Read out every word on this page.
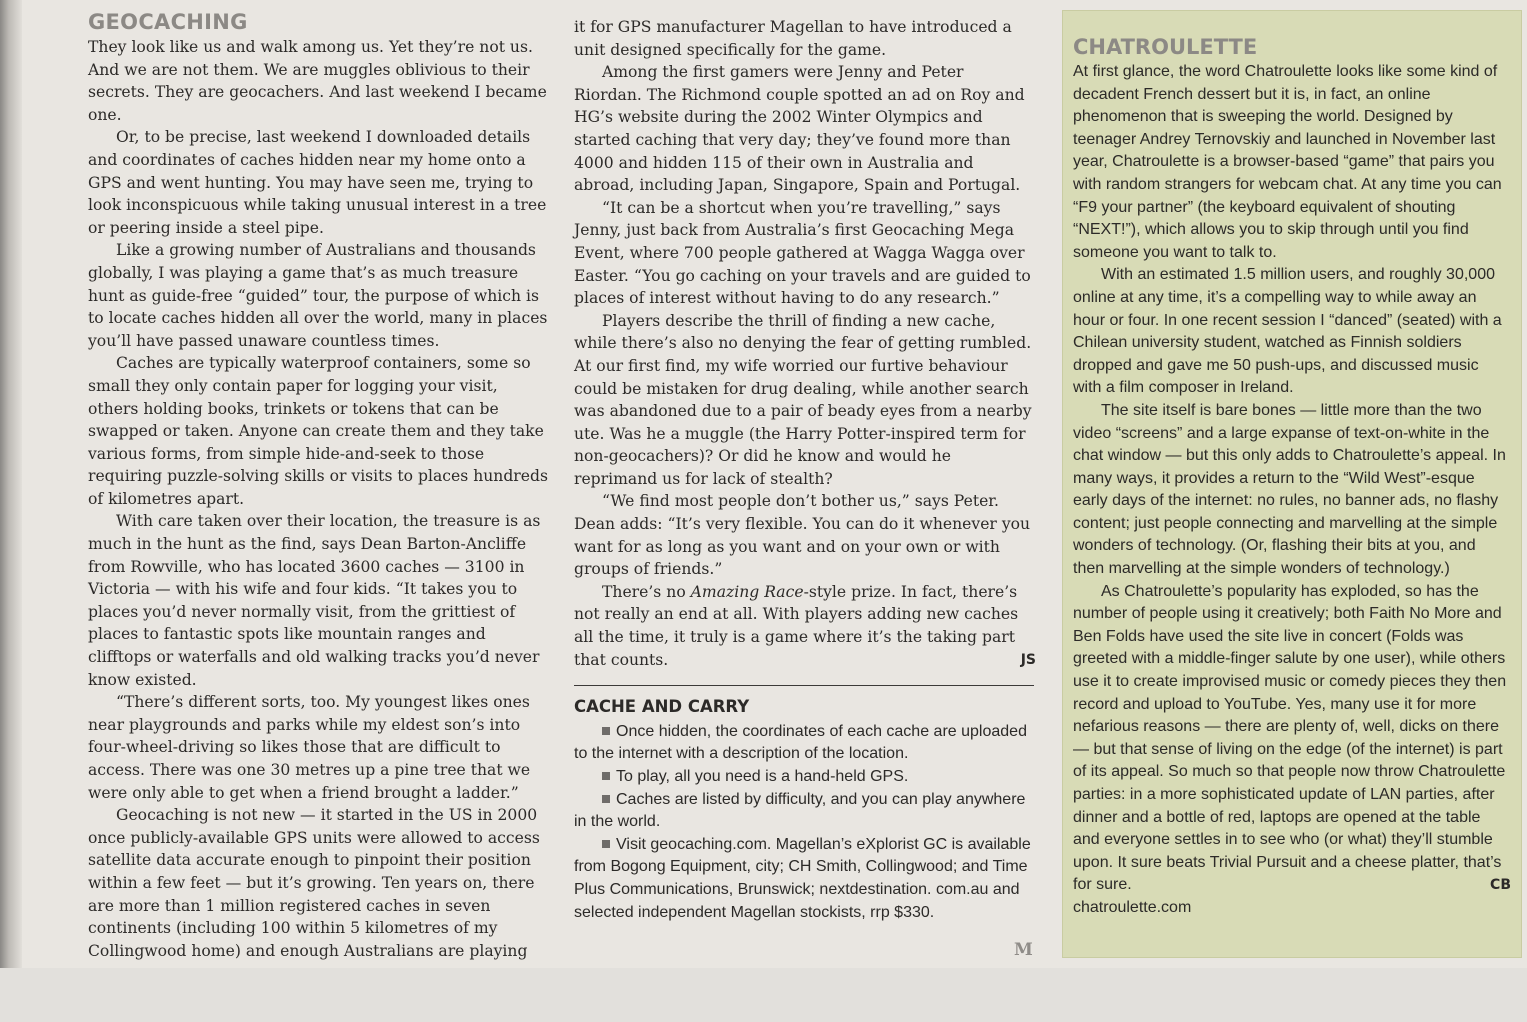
GEOCACHING

They look like us and walk among us. Yet they’re not us. And we are not them. We are muggles oblivious to their secrets. They are geocachers. And last weekend I became one.

Or, to be precise, last weekend I downloaded details and coordinates of caches hidden near my home onto a GPS and went hunting. You may have seen me, trying to look inconspicuous while taking unusual interest in a tree or peering inside a steel pipe.

Like a growing number of Australians and thousands globally, I was playing a game that’s as much treasure hunt as guide-free “guided” tour, the purpose of which is to locate caches hidden all over the world, many in places you’ll have passed unaware countless times.

Caches are typically waterproof containers, some so small they only contain paper for logging your visit, others holding books, trinkets or tokens that can be swapped or taken. Anyone can create them and they take various forms, from simple hide-and-seek to those requiring puzzle-solving skills or visits to places hundreds of kilometres apart.

With care taken over their location, the treasure is as much in the hunt as the find, says Dean Barton-Ancliffe from Rowville, who has located 3600 caches — 3100 in Victoria — with his wife and four kids. “It takes you to places you’d never normally visit, from the grittiest of places to fantastic spots like mountain ranges and clifftops or waterfalls and old walking tracks you’d never know existed.

“There’s different sorts, too. My youngest likes ones near playgrounds and parks while my eldest son’s into four-wheel-driving so likes those that are difficult to access. There was one 30 metres up a pine tree that we were only able to get when a friend brought a ladder.”

Geocaching is not new — it started in the US in 2000 once publicly-available GPS units were allowed to access satellite data accurate enough to pinpoint their position within a few feet — but it’s growing. Ten years on, there are more than 1 million registered caches in seven continents (including 100 within 5 kilometres of my Collingwood home) and enough Australians are playing

it for GPS manufacturer Magellan to have introduced a unit designed specifically for the game.

Among the first gamers were Jenny and Peter Riordan. The Richmond couple spotted an ad on Roy and HG’s website during the 2002 Winter Olympics and started caching that very day; they’ve found more than 4000 and hidden 115 of their own in Australia and abroad, including Japan, Singapore, Spain and Portugal.

“It can be a shortcut when you’re travelling,” says Jenny, just back from Australia’s first Geocaching Mega Event, where 700 people gathered at Wagga Wagga over Easter. “You go caching on your travels and are guided to places of interest without having to do any research.”

Players describe the thrill of finding a new cache, while there’s also no denying the fear of getting rumbled. At our first find, my wife worried our furtive behaviour could be mistaken for drug dealing, while another search was abandoned due to a pair of beady eyes from a nearby ute. Was he a muggle (the Harry Potter-inspired term for non-geocachers)? Or did he know and would he reprimand us for lack of stealth?

“We find most people don’t bother us,” says Peter. Dean adds: “It’s very flexible. You can do it whenever you want for as long as you want and on your own or with groups of friends.”

There’s no Amazing Race-style prize. In fact, there’s not really an end at all. With players adding new caches all the time, it truly is a game where it’s the taking part that counts.	JS

CACHE AND CARRY

Once hidden, the coordinates of each cache are uploaded to the internet with a description of the location.

To play, all you need is a hand-held GPS.

Caches are listed by difficulty, and you can play anywhere in the world.

Visit geocaching.com. Magellan’s eXplorist GC is available from Bogong Equipment, city; CH Smith, Collingwood; and Time Plus Communications, Brunswick; nextdestination. com.au and selected independent Magellan stockists, rrp $330.

M
CHATROULETTE

At first glance, the word Chatroulette looks like some kind of decadent French dessert but it is, in fact, an online phenomenon that is sweeping the world. Designed by teenager Andrey Ternovskiy and launched in November last year, Chatroulette is a browser-based “game” that pairs you with random strangers for webcam chat. At any time you can “F9 your partner” (the keyboard equivalent of shouting “NEXT!”), which allows you to skip through until you find someone you want to talk to.

With an estimated 1.5 million users, and roughly 30,000 online at any time, it’s a compelling way to while away an hour or four. In one recent session I “danced” (seated) with a Chilean university student, watched as Finnish soldiers dropped and gave me 50 push-ups, and discussed music with a film composer in Ireland.

The site itself is bare bones — little more than the two video “screens” and a large expanse of text-on-white in the chat window — but this only adds to Chatroulette’s appeal. In many ways, it provides a return to the “Wild West”-esque early days of the internet: no rules, no banner ads, no flashy content; just people connecting and marvelling at the simple wonders of technology. (Or, flashing their bits at you, and then marvelling at the simple wonders of technology.)

As Chatroulette’s popularity has exploded, so has the number of people using it creatively; both Faith No More and Ben Folds have used the site live in concert (Folds was greeted with a middle-finger salute by one user), while others use it to create improvised music or comedy pieces they then record and upload to YouTube. Yes, many use it for more nefarious reasons — there are plenty of, well, dicks on there — but that sense of living on the edge (of the internet) is part of its appeal. So much so that people now throw Chatroulette parties: in a more sophisticated update of LAN parties, after dinner and a bottle of red, laptops are opened at the table and everyone settles in to see who (or what) they’ll stumble upon. It sure beats Trivial Pursuit and a cheese platter, that’s for sure.	CB

chatroulette.com
